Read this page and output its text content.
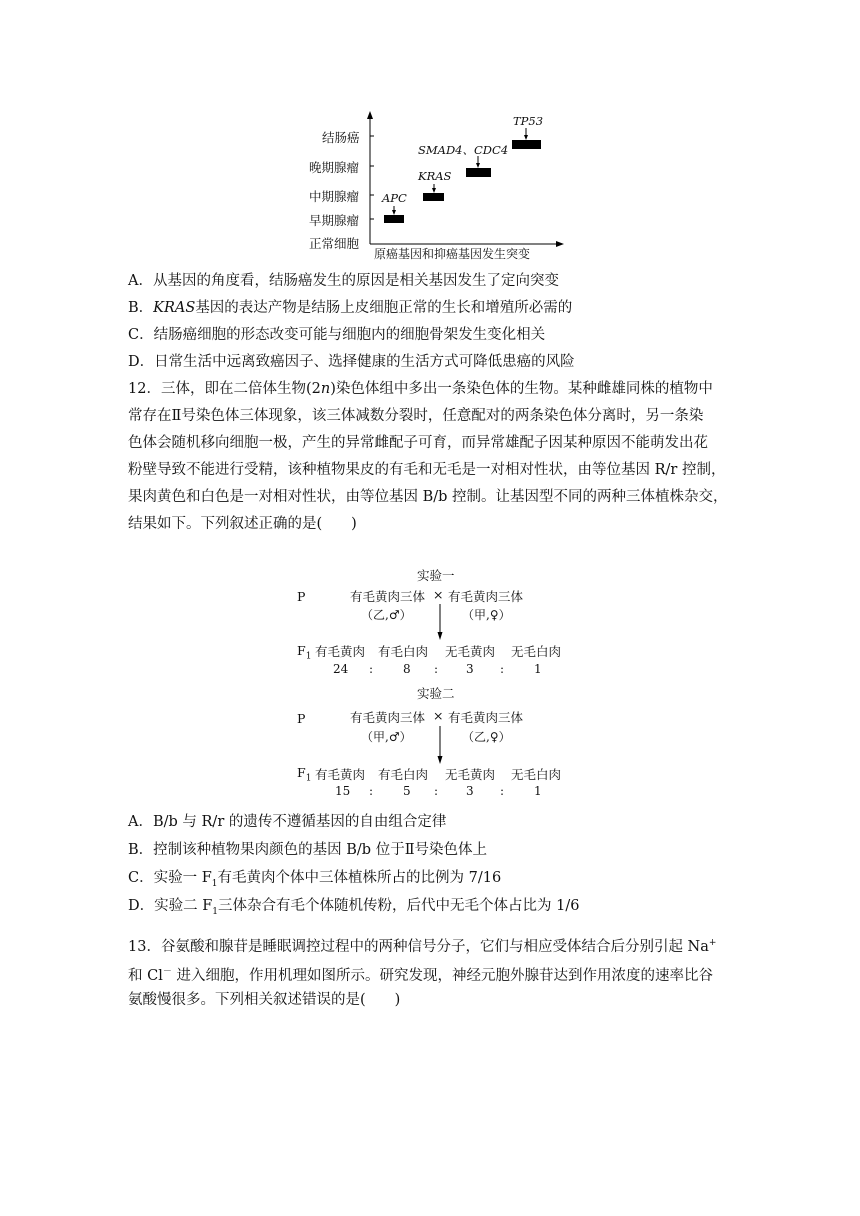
结肠癌
晚期腺瘤
中期腺瘤
早期腺瘤
正常细胞
原癌基因和抑癌基因发生突变
APC
KRAS
SMAD4、CDC4
TP53
A．从基因的角度看，结肠癌发生的原因是相关基因发生了定向突变
B．KRAS基因的表达产物是结肠上皮细胞正常的生长和增殖所必需的
C．结肠癌细胞的形态改变可能与细胞内的细胞骨架发生变化相关
D．日常生活中远离致癌因子、选择健康的生活方式可降低患癌的风险
12．三体，即在二倍体生物(2n)染色体组中多出一条染色体的生物。某种雌雄同株的植物中
常存在Ⅱ号染色体三体现象，该三体减数分裂时，任意配对的两条染色体分离时，另一条染
色体会随机移向细胞一极，产生的异常雌配子可育，而异常雄配子因某种原因不能萌发出花
粉壁导致不能进行受精，该种植物果皮的有毛和无毛是一对相对性状，由等位基因 R/r 控制，
果肉黄色和白色是一对相对性状，由等位基因 B/b 控制。让基因型不同的两种三体植株杂交，
结果如下。下列叙述正确的是(　　)
实验一
P	有毛黄肉三体 × 有毛黄肉三体
（乙,♂）	（甲,♀）
$F_1$ 有毛黄肉 有毛白肉 无毛黄肉 无毛白肉
24 : 8 : 3 : 1
实验二
P	有毛黄肉三体 × 有毛黄肉三体
（甲,♂）	（乙,♀）
$F_1$ 有毛黄肉 有毛白肉 无毛黄肉 无毛白肉
15 : 5 : 3 : 1
A．B/b 与 R/r 的遗传不遵循基因的自由组合定律
B．控制该种植物果肉颜色的基因 B/b 位于Ⅱ号染色体上
C．实验一 $F_1$有毛黄肉个体中三体植株所占的比例为 7/16
D．实验二 $F_1$三体杂合有毛个体随机传粉，后代中无毛个体占比为 1/6
13．谷氨酸和腺苷是睡眠调控过程中的两种信号分子，它们与相应受体结合后分别引起 Na+
和 Cl－ 进入细胞，作用机理如图所示。研究发现，神经元胞外腺苷达到作用浓度的速率比谷
氨酸慢很多。下列相关叙述错误的是(　　)
